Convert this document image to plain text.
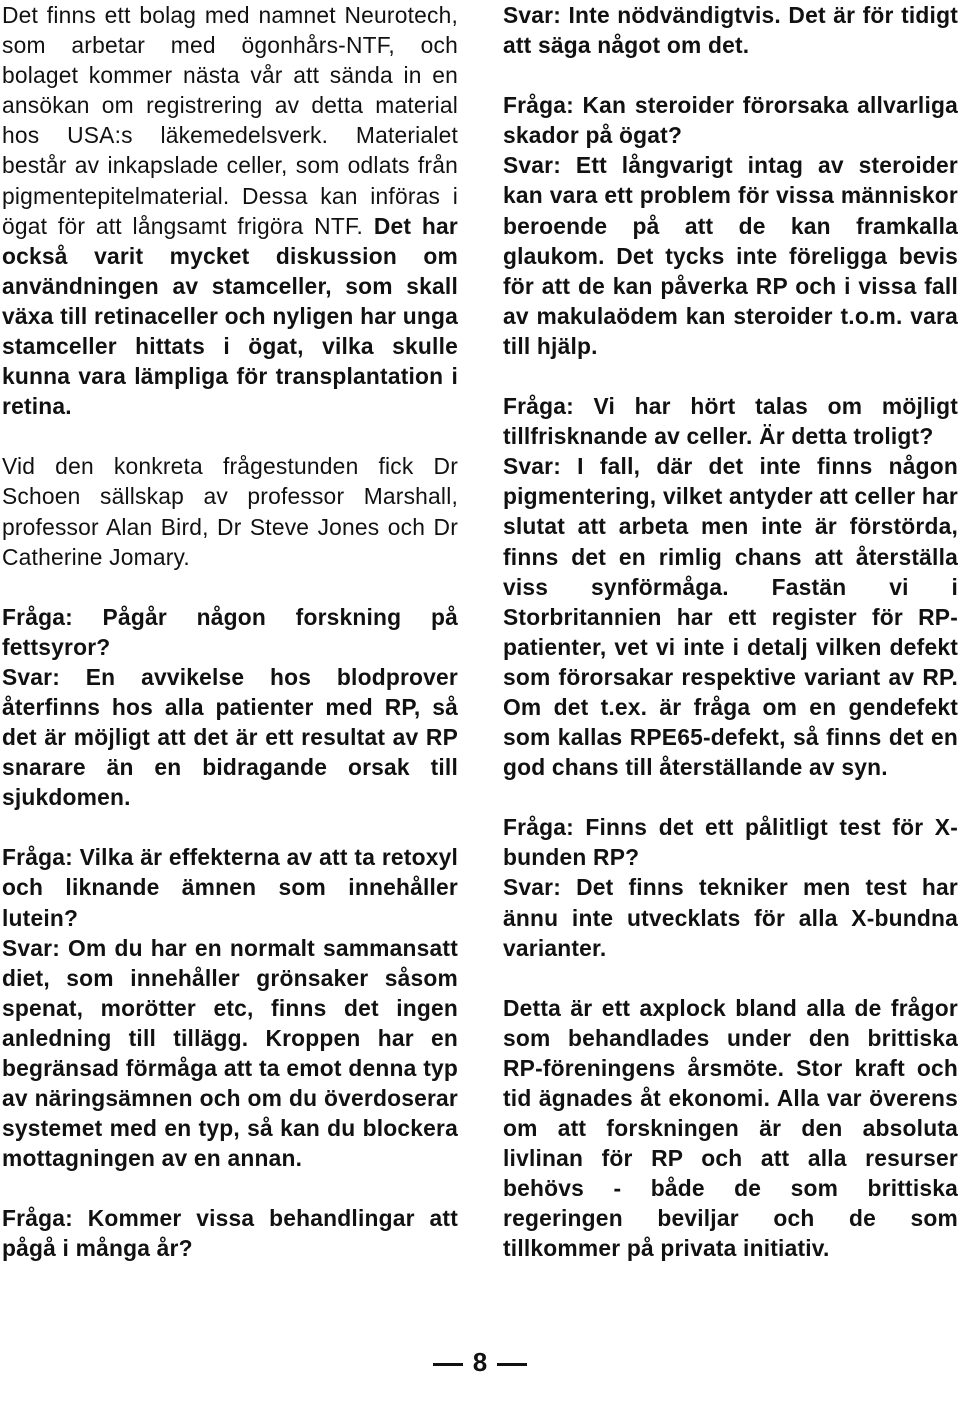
Det finns ett bolag med namnet Neurotech, som arbetar med ögonhårs-NTF, och bolaget kommer nästa vår att sända in en ansökan om registrering av detta material hos USA:s läkemedelsverk. Materialet består av inkapslade celler, som odlats från pigmentepitelmaterial. Dessa kan införas i ögat för att långsamt frigöra NTF. Det har också varit mycket diskussion om användningen av stamceller, som skall växa till retinaceller och nyligen har unga stamceller hittats i ögat, vilka skulle kunna vara lämpliga för transplantation i retina.

Vid den konkreta frågestunden fick Dr Schoen sällskap av professor Marshall, professor Alan Bird, Dr Steve Jones och Dr Catherine Jomary.

Fråga: Pågår någon forskning på fettsyror?

Svar: En avvikelse hos blodprover återfinns hos alla patienter med RP, så det är möjligt att det är ett resultat av RP snarare än en bidragande orsak till sjukdomen.

Fråga: Vilka är effekterna av att ta retoxyl och liknande ämnen som innehåller lutein?

Svar: Om du har en normalt sammansatt diet, som innehåller grönsaker såsom spenat, morötter etc, finns det ingen anledning till tillägg. Kroppen har en begränsad förmåga att ta emot denna typ av näringsämnen och om du överdoserar systemet med en typ, så kan du blockera mottagningen av en annan.

Fråga: Kommer vissa behandlingar att pågå i många år?

Svar: Inte nödvändigtvis. Det är för tidigt att säga något om det.

Fråga: Kan steroider förorsaka allvarliga skador på ögat?

Svar: Ett långvarigt intag av steroider kan vara ett problem för vissa människor beroende på att de kan framkalla glaukom. Det tycks inte föreligga bevis för att de kan påverka RP och i vissa fall av makulaödem kan steroider t.o.m. vara till hjälp.

Fråga: Vi har hört talas om möjligt tillfrisknande av celler. Är detta troligt?

Svar: I fall, där det inte finns någon pigmentering, vilket antyder att celler har slutat att arbeta men inte är förstörda, finns det en rimlig chans att återställa viss synförmåga. Fastän vi i Storbritannien har ett register för RP-patienter, vet vi inte i detalj vilken defekt som förorsakar respektive variant av RP. Om det t.ex. är fråga om en gendefekt som kallas RPE65-defekt, så finns det en god chans till återställande av syn.

Fråga: Finns det ett pålitligt test för X-bunden RP?

Svar: Det finns tekniker men test har ännu inte utvecklats för alla X-bundna varianter.

Detta är ett axplock bland alla de frågor som behandlades under den brittiska RP-föreningens årsmöte. Stor kraft och tid ägnades åt ekonomi. Alla var överens om att forskningen är den absoluta livlinan för RP och att alla resurser behövs - både de som brittiska regeringen beviljar och de som tillkommer på privata initiativ.

8
